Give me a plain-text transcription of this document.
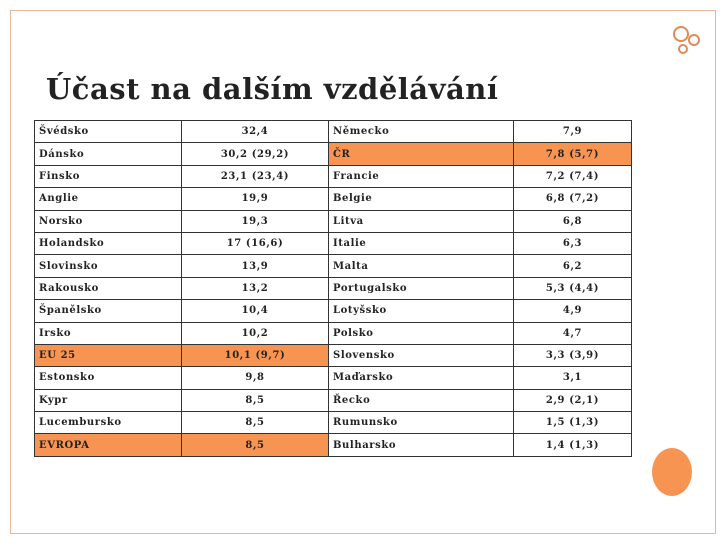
Účast na dalším vzdělávání
Švédsko	32,4	Německo	7,9
Dánsko	30,2 (29,2)	ČR	7,8 (5,7)
Finsko	23,1 (23,4)	Francie	7,2 (7,4)
Anglie	19,9	Belgie	6,8 (7,2)
Norsko	19,3	Litva	6,8
Holandsko	17 (16,6)	Italie	6,3
Slovinsko	13,9	Malta	6,2
Rakousko	13,2	Portugalsko	5,3 (4,4)
Španělsko	10,4	Lotyšsko	4,9
Irsko	10,2	Polsko	4,7
EU 25	10,1 (9,7)	Slovensko	3,3 (3,9)
Estonsko	9,8	Maďarsko	3,1
Kypr	8,5	Řecko	2,9 (2,1)
Lucembursko	8,5	Rumunsko	1,5 (1,3)
EVROPA	8,5	Bulharsko	1,4 (1,3)
